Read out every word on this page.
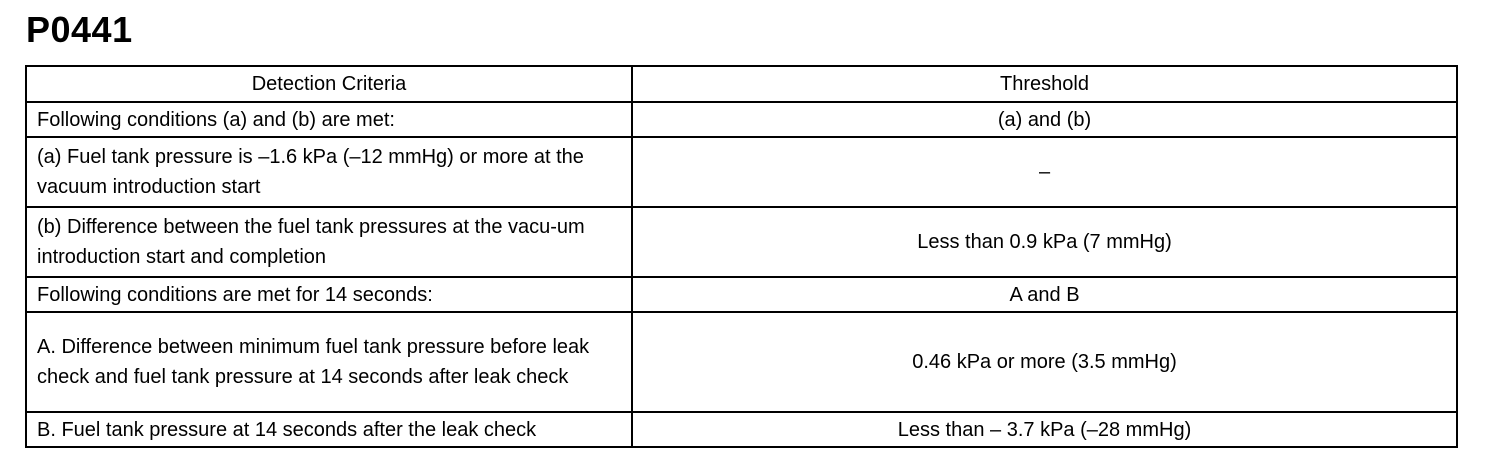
P0441
Detection Criteria	Threshold
Following conditions (a) and (b) are met:	(a) and (b)
(a) Fuel tank pressure is –1.6 kPa (–12 mmHg) or more at the vacuum introduction start	–
(b) Difference between the fuel tank pressures at the vacu-um introduction start and completion	Less than 0.9 kPa (7 mmHg)
Following conditions are met for 14 seconds:	A and B
A. Difference between minimum fuel tank pressure before leak check and fuel tank pressure at 14 seconds after leak check	0.46 kPa or more (3.5 mmHg)
B. Fuel tank pressure at 14 seconds after the leak check	Less than – 3.7 kPa (–28 mmHg)
